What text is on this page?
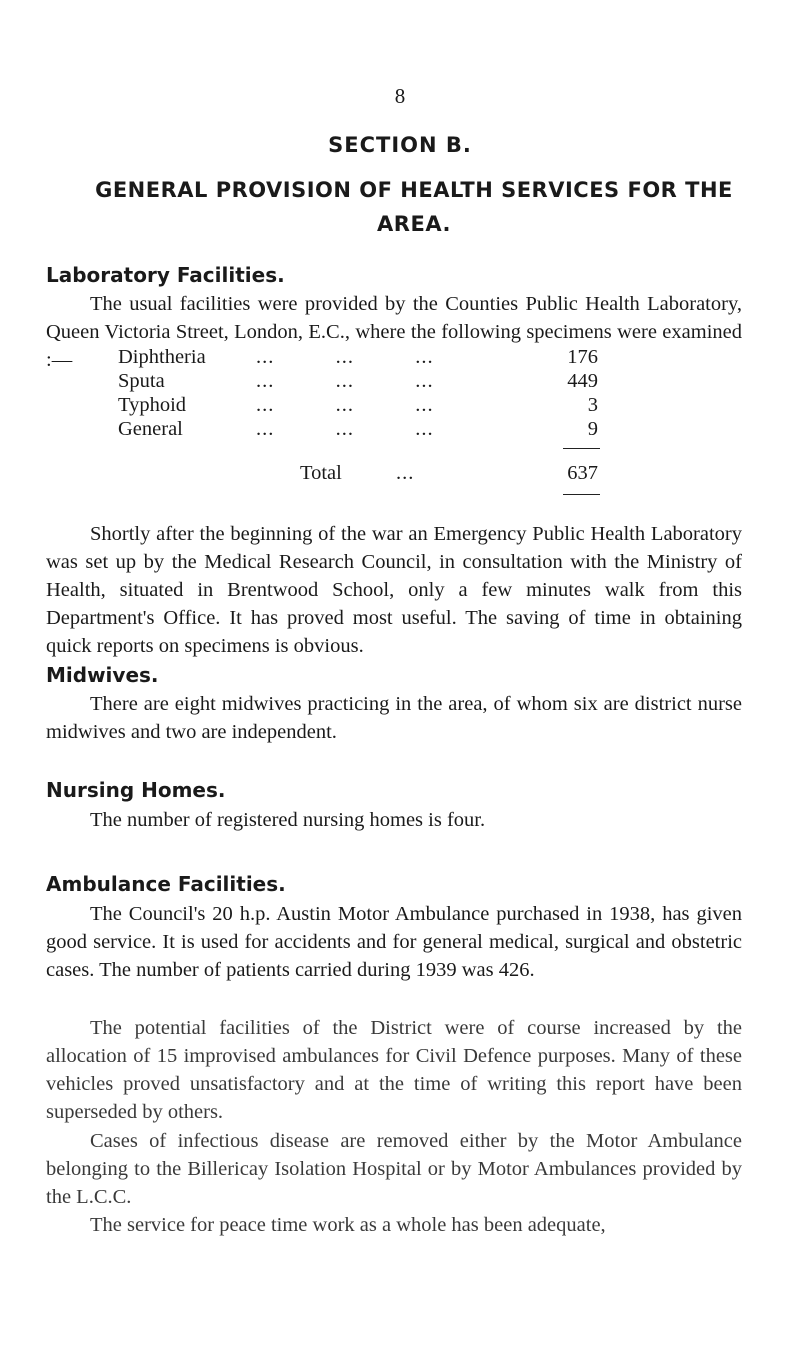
8
SECTION B.
GENERAL PROVISION OF HEALTH SERVICES FOR THE AREA.
Laboratory Facilities.
The usual facilities were provided by the Counties Public Health Laboratory, Queen Victoria Street, London, E.C., where the following specimens were examined :—	Diphtheria ...          ...          ...	176
Sputa	...          ...          ...	449
Typhoid	...          ...          ...	3
General	...          ...          ...	9
Total	...	637
Shortly after the beginning of the war an Emergency Public Health Laboratory was set up by the Medical Research Council, in consultation with the Ministry of Health, situated in Brentwood School, only a few minutes walk from this Department's Office. It has proved most useful. The saving of time in obtaining quick reports on specimens is obvious.
Midwives.
There are eight midwives practicing in the area, of whom six are district nurse midwives and two are independent.
Nursing Homes.
The number of registered nursing homes is four.
Ambulance Facilities.
The Council's 20 h.p. Austin Motor Ambulance purchased in 1938, has given good service. It is used for accidents and for general medical, surgical and obstetric cases. The number of patients carried during 1939 was 426.
The potential facilities of the District were of course increased by the allocation of 15 improvised ambulances for Civil Defence purposes. Many of these vehicles proved unsatisfactory and at the time of writing this report have been superseded by others.
Cases of infectious disease are removed either by the Motor Ambulance belonging to the Billericay Isolation Hospital or by Motor Ambulances provided by the L.C.C.
The service for peace time work as a whole has been adequate,
